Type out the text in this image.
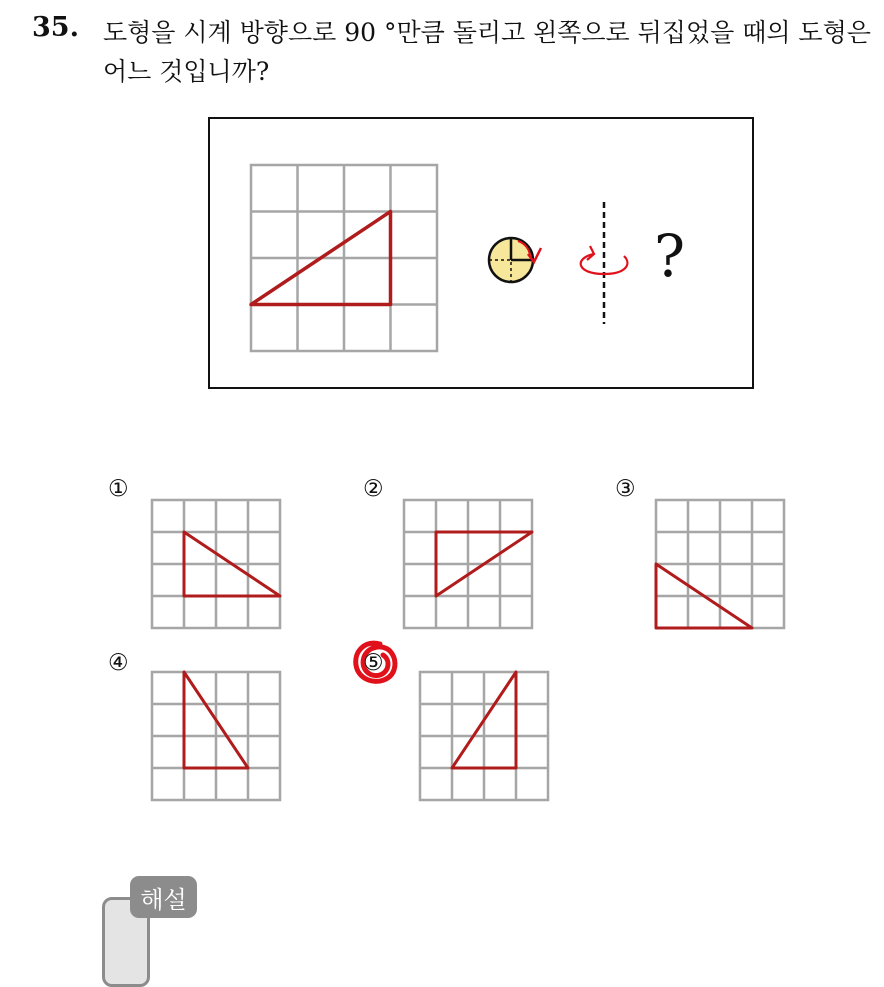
35. 도형을 시계 방향으로 90 °만큼 돌리고 왼쪽으로 뒤집었을 때의 도형은
어느 것입니까?
?
①	②	③
④	⑤
해설
